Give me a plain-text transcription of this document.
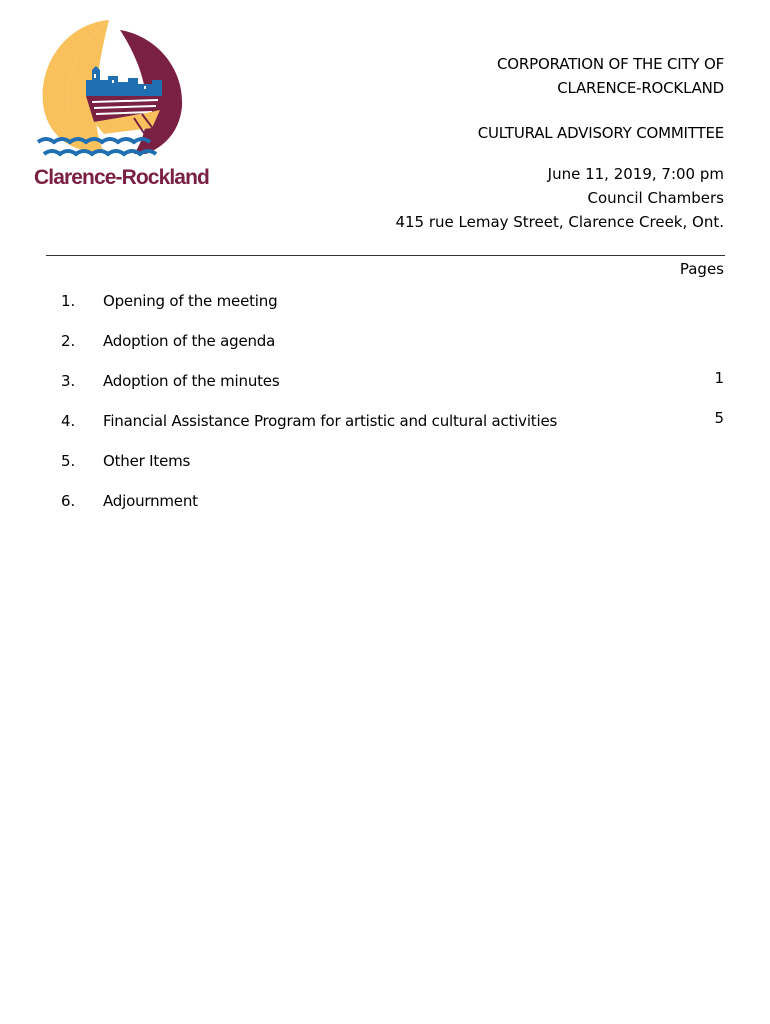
Clarence-Rockland
CORPORATION OF THE CITY OF
CLARENCE-ROCKLAND
CULTURAL ADVISORY COMMITTEE
June 11, 2019, 7:00 pm
Council Chambers
415 rue Lemay Street, Clarence Creek, Ont.
Pages
1. Opening of the meeting
2. Adoption of the agenda
3. Adoption of the minutes	1
4. Financial Assistance Program for artistic and cultural activities	5
5. Other Items
6. Adjournment
